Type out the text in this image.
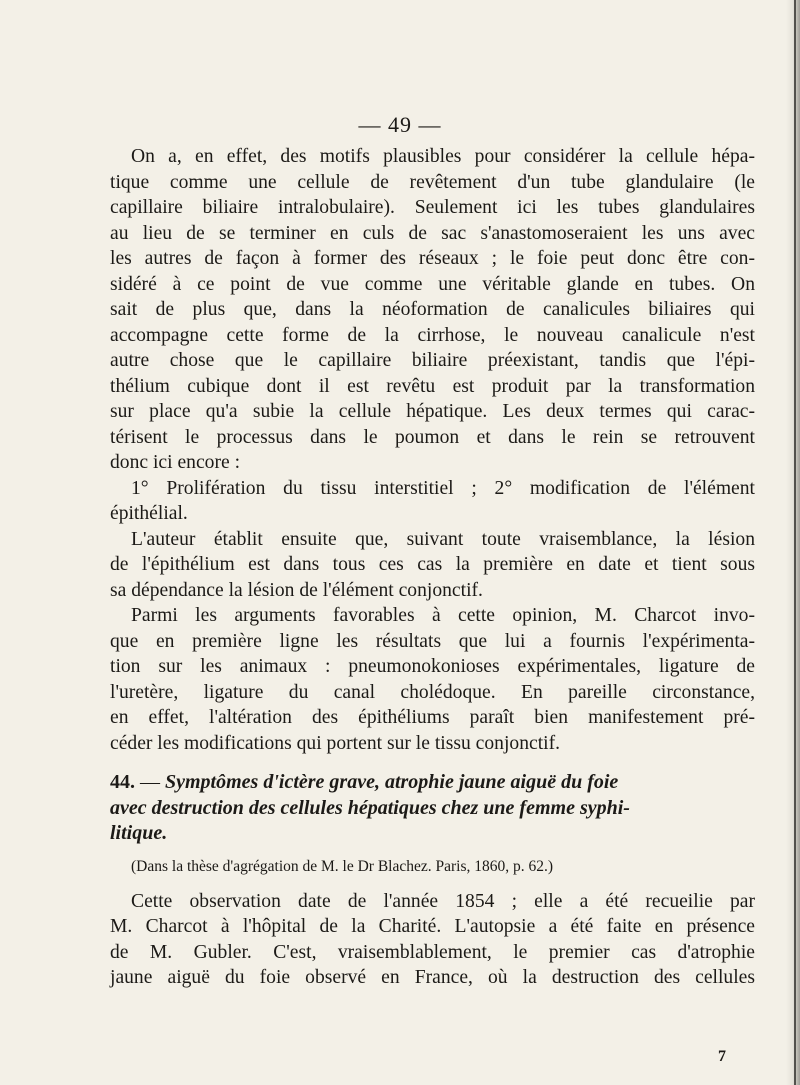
— 49 —
On a, en effet, des motifs plausibles pour considérer la cellule hépa-
tique comme une cellule de revêtement d'un tube glandulaire (le
capillaire biliaire intralobulaire). Seulement ici les tubes glandulaires
au lieu de se terminer en culs de sac s'anastomoseraient les uns avec
les autres de façon à former des réseaux ; le foie peut donc être con-
sidéré à ce point de vue comme une véritable glande en tubes. On
sait de plus que, dans la néoformation de canalicules biliaires qui
accompagne cette forme de la cirrhose, le nouveau canalicule n'est
autre chose que le capillaire biliaire préexistant, tandis que l'épi-
thélium cubique dont il est revêtu est produit par la transformation
sur place qu'a subie la cellule hépatique. Les deux termes qui carac-
térisent le processus dans le poumon et dans le rein se retrouvent
donc ici encore :
1° Prolifération du tissu interstitiel ; 2° modification de l'élément
épithélial.
L'auteur établit ensuite que, suivant toute vraisemblance, la lésion
de l'épithélium est dans tous ces cas la première en date et tient sous
sa dépendance la lésion de l'élément conjonctif.
Parmi les arguments favorables à cette opinion, M. Charcot invo-
que en première ligne les résultats que lui a fournis l'expérimenta-
tion sur les animaux : pneumonokonioses expérimentales, ligature de
l'uretère, ligature du canal cholédoque. En pareille circonstance,
en effet, l'altération des épithéliums paraît bien manifestement pré-
céder les modifications qui portent sur le tissu conjonctif.
44. — Symptômes d'ictère grave, atrophie jaune aiguë du foie
avec destruction des cellules hépatiques chez une femme syphi-
litique.
(Dans la thèse d'agrégation de M. le Dr Blachez. Paris, 1860, p. 62.)
Cette observation date de l'année 1854 ; elle a été recueilie par
M. Charcot à l'hôpital de la Charité. L'autopsie a été faite en présence
de M. Gubler. C'est, vraisemblablement, le premier cas d'atrophie
jaune aiguë du foie observé en France, où la destruction des cellules
7
